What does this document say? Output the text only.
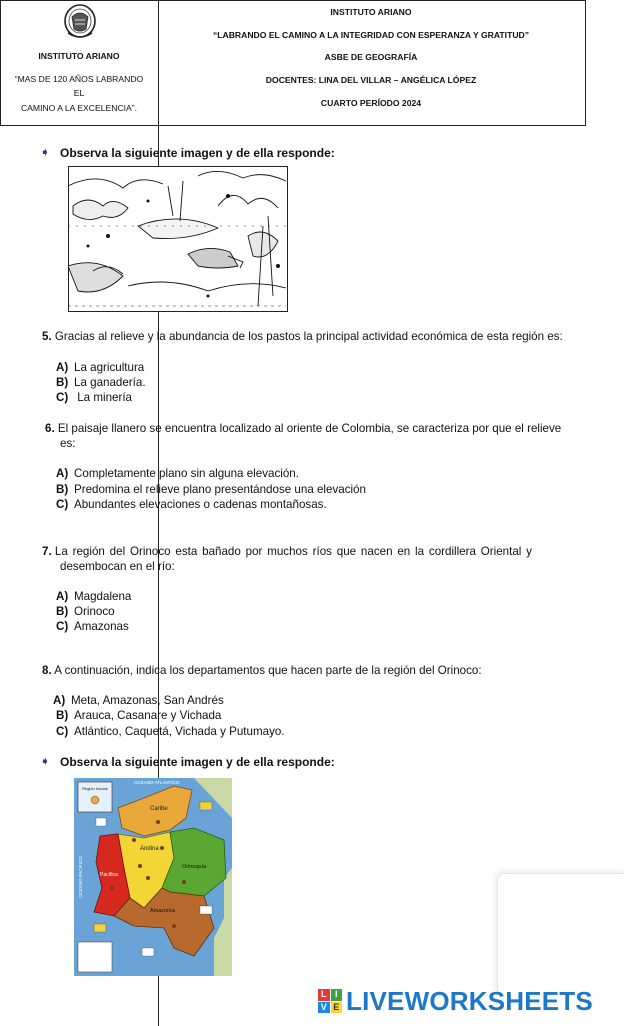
INSTITUTO ARIANO
“MAS DE 120 AÑOS LABRANDO
EL
CAMINO A LA EXCELENCIA”.
INSTITUTO ARIANO
“LABRANDO EL CAMINO A LA INTEGRIDAD CON ESPERANZA Y GRATITUD”
ASBE DE GEOGRAFÍA
DOCENTES: LINA DEL VILLAR – ANGÉLICA LÓPEZ
CUARTO PERÍODO 2024
➧ Observa la siguiente imagen y de ella responde:
5. Gracias al relieve y la abundancia de los pastos la principal actividad económica de esta región es:
A) La agricultura
B) La ganadería.
C) La minería
6. El paisaje llanero se encuentra localizado al oriente de Colombia, se caracteriza por que el relieve
es:
A) Completamente plano sin alguna elevación.
B) Predomina el relieve plano presentándose una elevación
C) Abundantes elevaciones o cadenas montañosas.
7. La región del Orinoco esta bañado por muchos ríos que nacen en la cordillera Oriental y
desembocan en el río:
A) Magdalena
B) Orinoco
C) Amazonas
8. A continuación, indica los departamentos que hacen parte de la región del Orinoco:
A) Meta, Amazonas, San Andrés
B) Arauca, Casanare y Vichada
C) Atlántico, Caquetá, Vichada y Putumayo.
➧ Observa la siguiente imagen y de ella responde:
Región Insular
OCEANO ATLANTICO
OCEANO PACIFICO
Caribe
Andina
Pacífica
Orinoquía
Amazonía
L I
V E LIVEWORKSHEETS
